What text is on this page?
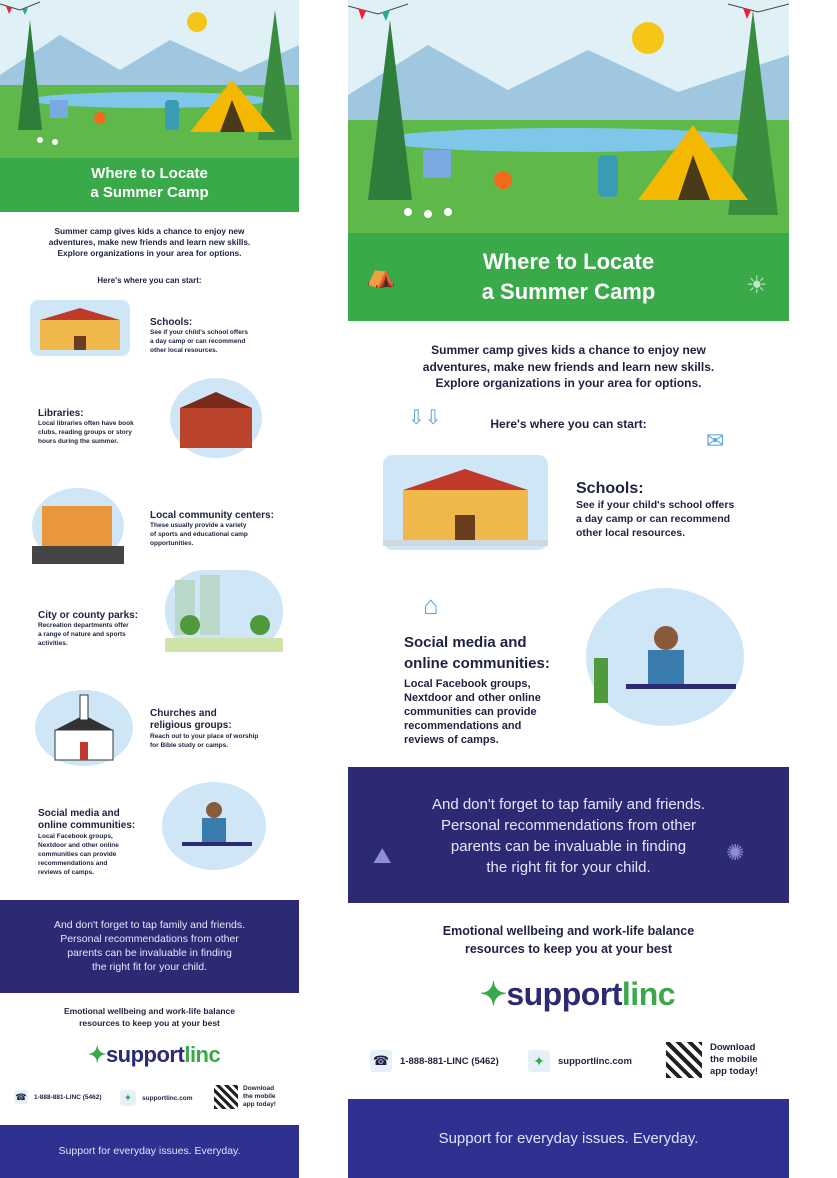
Where to Locate
a Summer Camp
Summer camp gives kids a chance to enjoy new
adventures, make new friends and learn new skills.
Explore organizations in your area for options.
Here's where you can start:
Schools:
See if your child's school offers
a day camp or can recommend
other local resources.
Libraries:
Local libraries often have book
clubs, reading groups or story
hours during the summer.
Local community centers:
These usually provide a variety
of sports and educational camp
opportunities.
City or county parks:
Recreation departments offer
a range of nature and sports
activities.
Churches and
religious groups:
Reach out to your place of worship
for Bible study or camps.
Social media and
online communities:
Local Facebook groups,
Nextdoor and other online
communities can provide
recommendations and
reviews of camps.
And don't forget to tap family and friends.
Personal recommendations from other
parents can be invaluable in finding
the right fit for your child.
Emotional wellbeing and work-life balance
resources to keep you at your best
✦supportlinc
☎ 1-888-881-LINC (5462)	✦	supportlinc.com
Download
the mobile
app today!
Support for everyday issues. Everyday.
Where to Locate
a Summer Camp
⛺	☀
Summer camp gives kids a chance to enjoy new
adventures, make new friends and learn new skills.
Explore organizations in your area for options.
Here's where you can start:
⇩⇩
✉
Schools:
See if your child's school offers
a day camp or can recommend
other local resources.
⌂
Social media and
online communities:
Local Facebook groups,
Nextdoor and other online
communities can provide
recommendations and
reviews of camps.
And don't forget to tap family and friends.
Personal recommendations from other
parents can be invaluable in finding
the right fit for your child.
⛰	✺
Emotional wellbeing and work-life balance
resources to keep you at your best
✦supportlinc
☎	1-888-881-LINC (5462)	✦	supportlinc.com
Download
the mobile
app today!
Support for everyday issues. Everyday.
